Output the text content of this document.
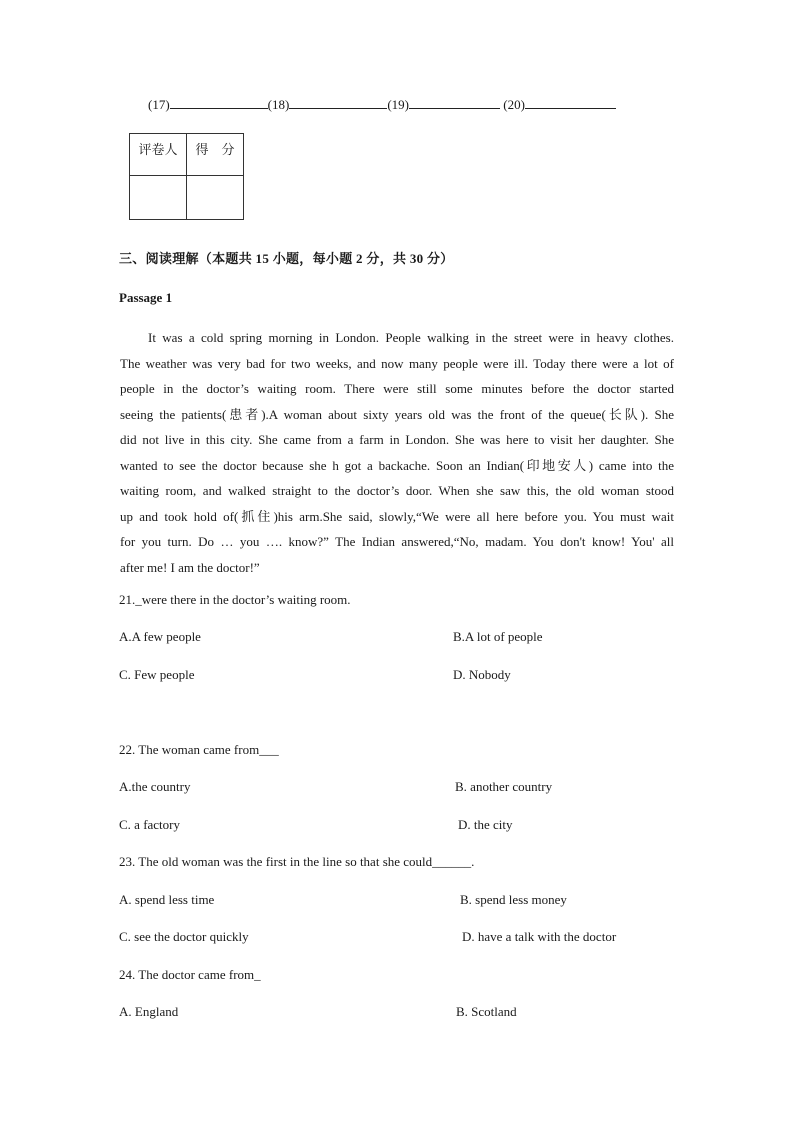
(17)	(18)	(19)	(20)
评卷人	得　分

三、阅读理解（本题共 15 小题，每小题 2 分，共 30 分）
Passage 1
It was a cold spring morning in London. People walking in the street were in heavy clothes.
The weather was very bad for two weeks, and now many people were ill. Today there were a lot of
people in the doctor’s waiting room. There were still some minutes before the doctor started
seeing the patients(患者).A woman about sixty years old was the front of the queue(长队). She
did not live in this city. She came from a farm in London. She was here to visit her daughter. She
wanted to see the doctor because she h got a backache. Soon an Indian(印地安人) came into the
waiting room, and walked straight to the doctor’s door. When she saw this, the old woman stood
up and took hold of(抓住)his arm.She said, slowly,“We were all here before you. You must wait
for you turn. Do … you …. know?” The Indian answered,“No, madam. You don't know! You' all
after me! I am the doctor!”
21._were there in the doctor’s waiting room.
A.A few people	B.A lot of people
C. Few people	D. Nobody
22. The woman came from___
A.the country	B. another country
C. a factory	D. the city
23. The old woman was the first in the line so that she could______.
A. spend less time	B. spend less money
C. see the doctor quickly	D. have a talk with the doctor
24. The doctor came from_
A. England	B. Scotland
